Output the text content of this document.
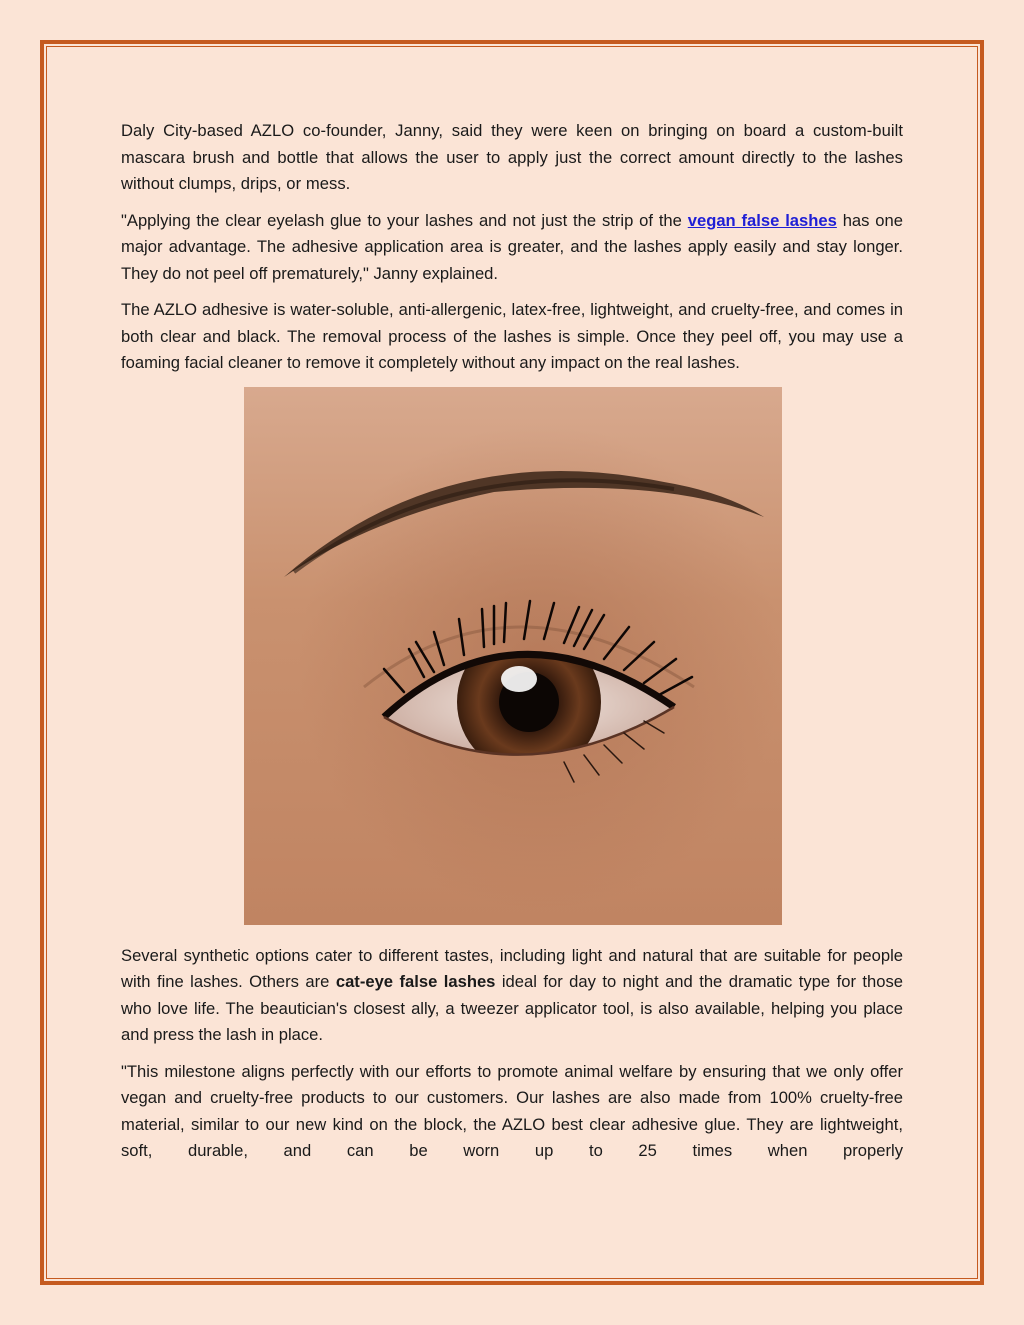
Daly City-based AZLO co-founder, Janny, said they were keen on bringing on board a custom-built mascara brush and bottle that allows the user to apply just the correct amount directly to the lashes without clumps, drips, or mess.

"Applying the clear eyelash glue to your lashes and not just the strip of the vegan false lashes has one major advantage. The adhesive application area is greater, and the lashes apply easily and stay longer. They do not peel off prematurely," Janny explained.

The AZLO adhesive is water-soluble, anti-allergenic, latex-free, lightweight, and cruelty-free, and comes in both clear and black. The removal process of the lashes is simple. Once they peel off, you may use a foaming facial cleaner to remove it completely without any impact on the real lashes.

Several synthetic options cater to different tastes, including light and natural that are suitable for people with fine lashes. Others are cat-eye false lashes ideal for day to night and the dramatic type for those who love life. The beautician's closest ally, a tweezer applicator tool, is also available, helping you place and press the lash in place.

"This milestone aligns perfectly with our efforts to promote animal welfare by ensuring that we only offer vegan and cruelty-free products to our customers. Our lashes are also made from 100% cruelty-free material, similar to our new kind on the block, the AZLO best clear adhesive glue. They are lightweight, soft, durable, and can be worn up to 25 times when properly
